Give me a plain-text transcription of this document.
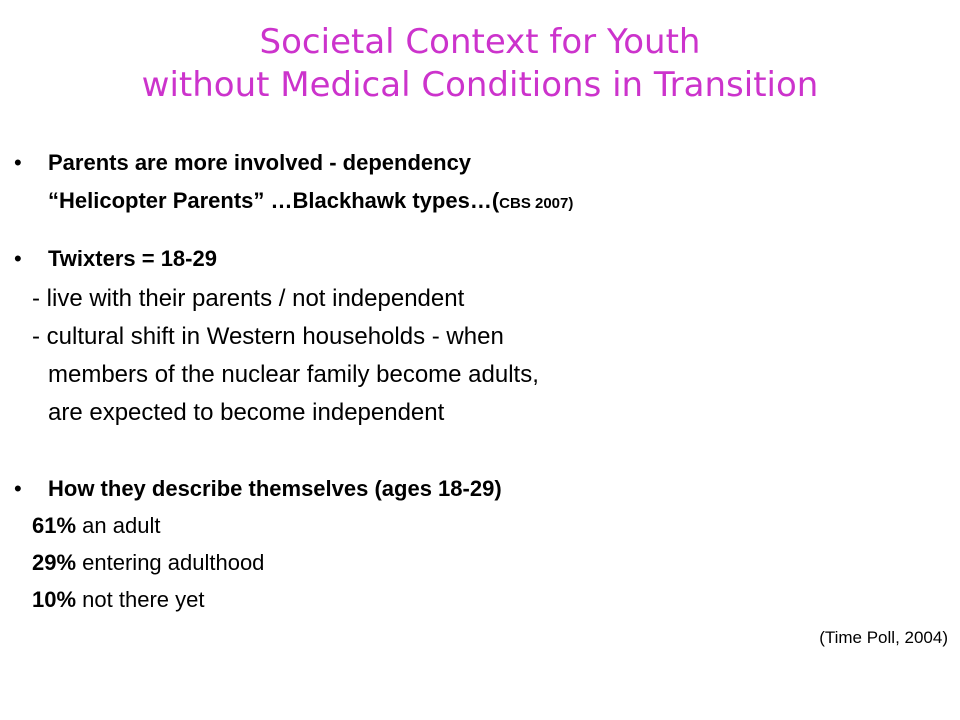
Societal Context for Youth
without Medical Conditions in Transition
• Parents are more involved - dependency
“Helicopter Parents” …Blackhawk types…(CBS 2007)
• Twixters = 18-29
- live with their parents / not independent
- cultural shift in Western households - when
members of the nuclear family become adults,
are expected to become independent
• How they describe themselves (ages 18-29)
61% an adult
29% entering adulthood
10% not there yet
(Time Poll, 2004)
